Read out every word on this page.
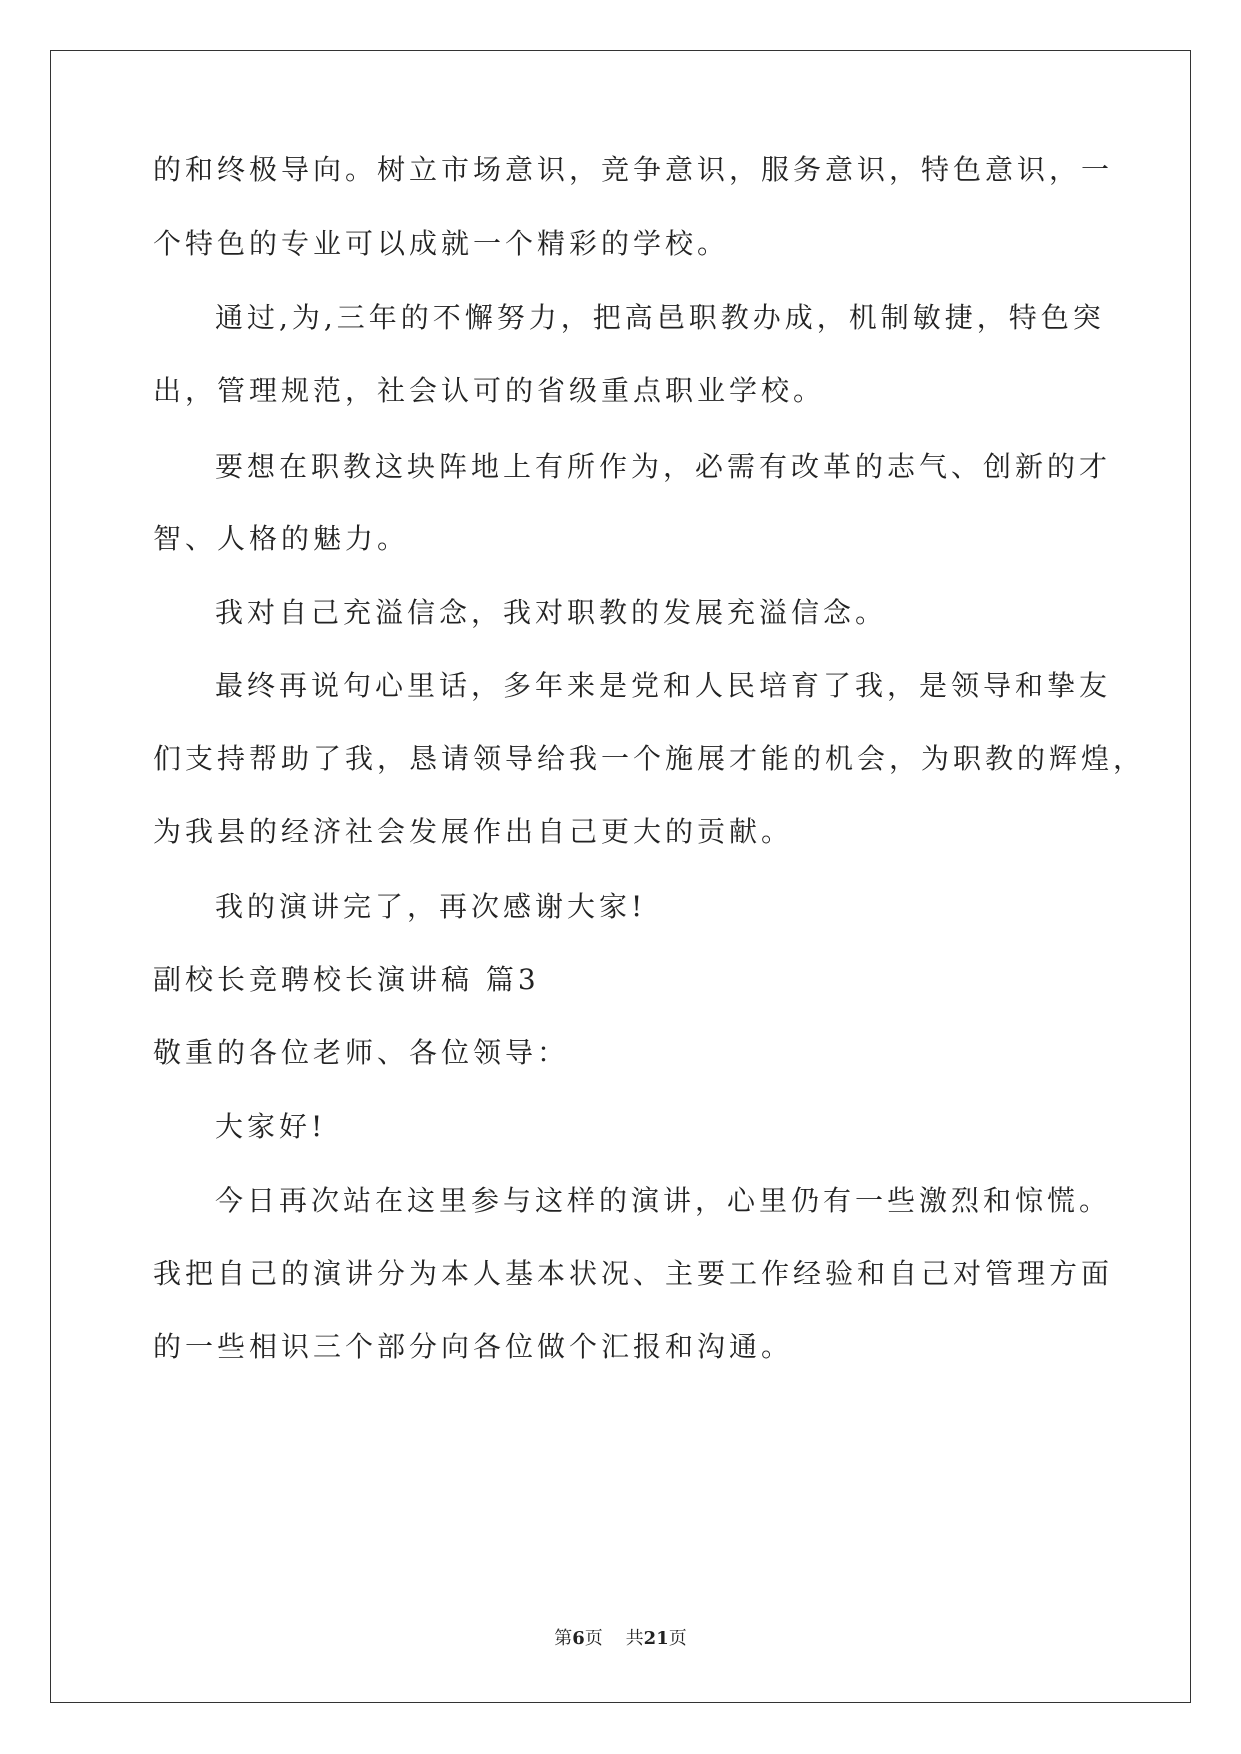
的和终极导向。树立市场意识，竞争意识，服务意识，特色意识，一
个特色的专业可以成就一个精彩的学校。
通过,为,三年的不懈努力，把高邑职教办成，机制敏捷，特色突
出，管理规范，社会认可的省级重点职业学校。
要想在职教这块阵地上有所作为，必需有改革的志气、创新的才
智、人格的魅力。
我对自己充溢信念，我对职教的发展充溢信念。
最终再说句心里话，多年来是党和人民培育了我，是领导和挚友
们支持帮助了我，恳请领导给我一个施展才能的机会，为职教的辉煌，
为我县的经济社会发展作出自己更大的贡献。
我的演讲完了，再次感谢大家!
副校长竞聘校长演讲稿 篇3
敬重的各位老师、各位领导：
大家好!
今日再次站在这里参与这样的演讲，心里仍有一些激烈和惊慌。
我把自己的演讲分为本人基本状况、主要工作经验和自己对管理方面
的一些相识三个部分向各位做个汇报和沟通。
第6页 共21页
